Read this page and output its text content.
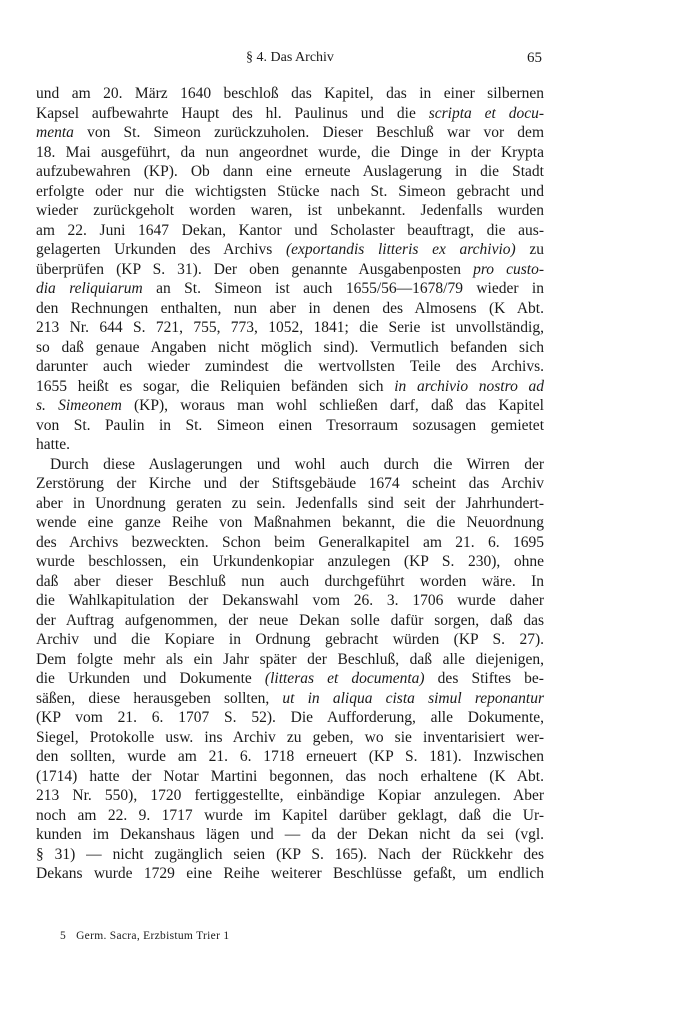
§ 4. Das Archiv	65
und am 20. März 1640 beschloß das Kapitel, das in einer silbernen
Kapsel aufbewahrte Haupt des hl. Paulinus und die scripta et docu-
menta von St. Simeon zurückzuholen. Dieser Beschluß war vor dem
18. Mai ausgeführt, da nun angeordnet wurde, die Dinge in der Krypta
aufzubewahren (KP). Ob dann eine erneute Auslagerung in die Stadt
erfolgte oder nur die wichtigsten Stücke nach St. Simeon gebracht und
wieder zurückgeholt worden waren, ist unbekannt. Jedenfalls wurden
am 22. Juni 1647 Dekan, Kantor und Scholaster beauftragt, die aus-
gelagerten Urkunden des Archivs (exportandis litteris ex archivio) zu
überprüfen (KP S. 31). Der oben genannte Ausgabenposten pro custo-
dia reliquiarum an St. Simeon ist auch 1655/56—1678/79 wieder in
den Rechnungen enthalten, nun aber in denen des Almosens (K Abt.
213 Nr. 644 S. 721, 755, 773, 1052, 1841; die Serie ist unvollständig,
so daß genaue Angaben nicht möglich sind). Vermutlich befanden sich
darunter auch wieder zumindest die wertvollsten Teile des Archivs.
1655 heißt es sogar, die Reliquien befänden sich in archivio nostro ad
s. Simeonem (KP), woraus man wohl schließen darf, daß das Kapitel
von St. Paulin in St. Simeon einen Tresorraum sozusagen gemietet
hatte.
Durch diese Auslagerungen und wohl auch durch die Wirren der
Zerstörung der Kirche und der Stiftsgebäude 1674 scheint das Archiv
aber in Unordnung geraten zu sein. Jedenfalls sind seit der Jahrhundert-
wende eine ganze Reihe von Maßnahmen bekannt, die die Neuordnung
des Archivs bezweckten. Schon beim Generalkapitel am 21. 6. 1695
wurde beschlossen, ein Urkundenkopiar anzulegen (KP S. 230), ohne
daß aber dieser Beschluß nun auch durchgeführt worden wäre. In
die Wahlkapitulation der Dekanswahl vom 26. 3. 1706 wurde daher
der Auftrag aufgenommen, der neue Dekan solle dafür sorgen, daß das
Archiv und die Kopiare in Ordnung gebracht würden (KP S. 27).
Dem folgte mehr als ein Jahr später der Beschluß, daß alle diejenigen,
die Urkunden und Dokumente (litteras et documenta) des Stiftes be-
säßen, diese herausgeben sollten, ut in aliqua cista simul reponantur
(KP vom 21. 6. 1707 S. 52). Die Aufforderung, alle Dokumente,
Siegel, Protokolle usw. ins Archiv zu geben, wo sie inventarisiert wer-
den sollten, wurde am 21. 6. 1718 erneuert (KP S. 181). Inzwischen
(1714) hatte der Notar Martini begonnen, das noch erhaltene (K Abt.
213 Nr. 550), 1720 fertiggestellte, einbändige Kopiar anzulegen. Aber
noch am 22. 9. 1717 wurde im Kapitel darüber geklagt, daß die Ur-
kunden im Dekanshaus lägen und — da der Dekan nicht da sei (vgl.
§ 31) — nicht zugänglich seien (KP S. 165). Nach der Rückkehr des
Dekans wurde 1729 eine Reihe weiterer Beschlüsse gefaßt, um endlich
5 Germ. Sacra, Erzbistum Trier 1
